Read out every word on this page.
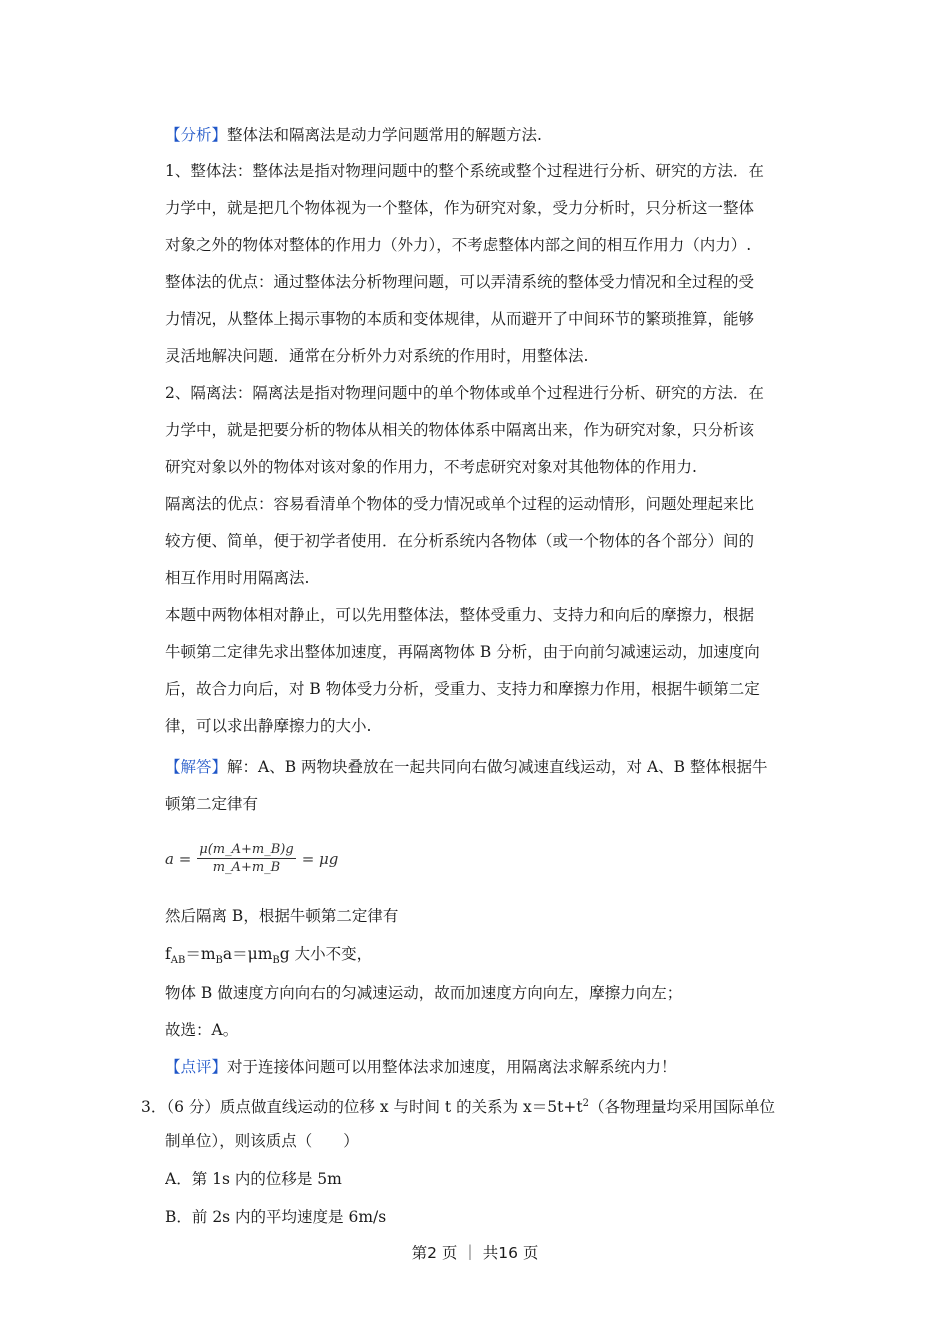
【分析】整体法和隔离法是动力学问题常用的解题方法.
1、整体法：整体法是指对物理问题中的整个系统或整个过程进行分析、研究的方法．在
力学中，就是把几个物体视为一个整体，作为研究对象，受力分析时，只分析这一整体
对象之外的物体对整体的作用力（外力），不考虑整体内部之间的相互作用力（内力）.
整体法的优点：通过整体法分析物理问题，可以弄清系统的整体受力情况和全过程的受
力情况，从整体上揭示事物的本质和变体规律，从而避开了中间环节的繁琐推算，能够
灵活地解决问题．通常在分析外力对系统的作用时，用整体法.
2、隔离法：隔离法是指对物理问题中的单个物体或单个过程进行分析、研究的方法．在
力学中，就是把要分析的物体从相关的物体体系中隔离出来，作为研究对象，只分析该
研究对象以外的物体对该对象的作用力，不考虑研究对象对其他物体的作用力.
隔离法的优点：容易看清单个物体的受力情况或单个过程的运动情形，问题处理起来比
较方便、简单，便于初学者使用．在分析系统内各物体（或一个物体的各个部分）间的
相互作用时用隔离法.
本题中两物体相对静止，可以先用整体法，整体受重力、支持力和向后的摩擦力，根据
牛顿第二定律先求出整体加速度，再隔离物体 B 分析，由于向前匀减速运动，加速度向
后，故合力向后，对 B 物体受力分析，受重力、支持力和摩擦力作用，根据牛顿第二定
律，可以求出静摩擦力的大小.
【解答】解：A、B 两物块叠放在一起共同向右做匀减速直线运动，对 A、B 整体根据牛
顿第二定律有
$a = \frac{\mu(m\_A+m\_B)g}{m\_A+m\_B} = \mu g$
然后隔离 B，根据牛顿第二定律有
$f_{AB}=m_Ba=\mu m_Bg$ 大小不变，
物体 B 做速度方向向右的匀减速运动，故而加速度方向向左，摩擦力向左；
故选：A。
【点评】对于连接体问题可以用整体法求加速度，用隔离法求解系统内力！
3．（6 分）质点做直线运动的位移 x 与时间 t 的关系为 $x=5t+t^2$（各物理量均采用国际单位
制单位），则该质点（　　）
A．第 1s 内的位移是 5m
B．前 2s 内的平均速度是 6m/s
第2 页 ｜ 共16 页
